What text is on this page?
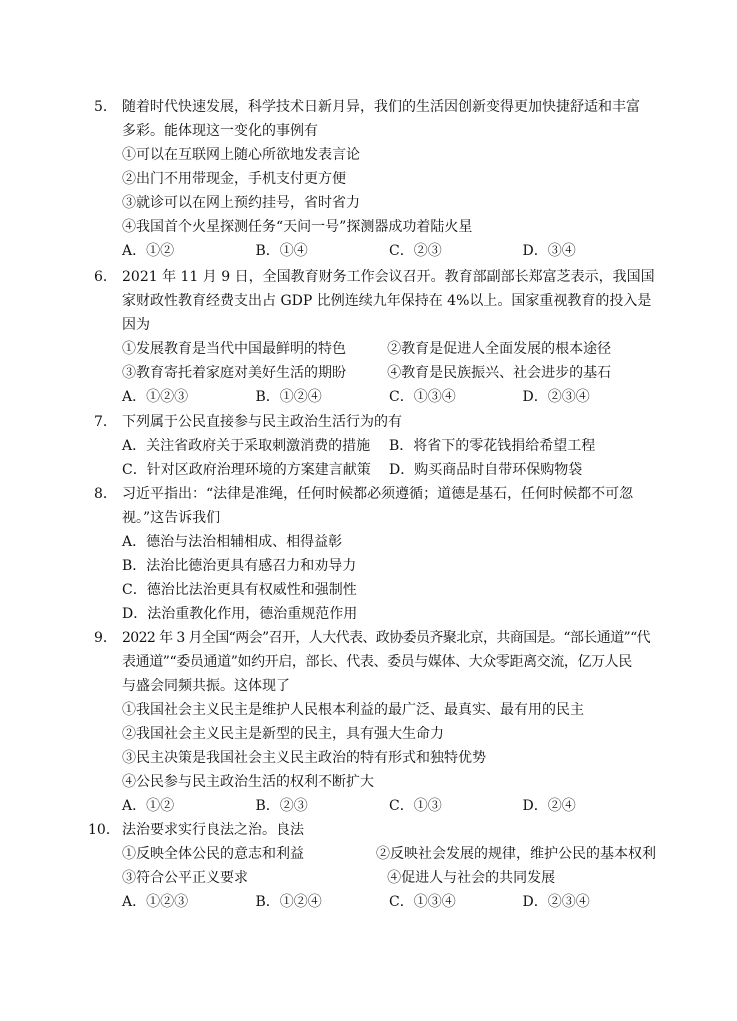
5． 随着时代快速发展，科学技术日新月异，我们的生活因创新变得更加快捷舒适和丰富
多彩。能体现这一变化的事例有
①可以在互联网上随心所欲地发表言论
②出门不用带现金，手机支付更方便
③就诊可以在网上预约挂号，省时省力
④我国首个火星探测任务“天问一号”探测器成功着陆火星
A．①②	B．①④	C．②③	D．③④
6． 2021 年 11 月 9 日，全国教育财务工作会议召开。教育部副部长郑富芝表示，我国国
家财政性教育经费支出占 GDP 比例连续九年保持在 4%以上。国家重视教育的投入是
因为
①发展教育是当代中国最鲜明的特色	②教育是促进人全面发展的根本途径
③教育寄托着家庭对美好生活的期盼	④教育是民族振兴、社会进步的基石
A．①②③	B．①②④	C．①③④	D．②③④
7． 下列属于公民直接参与民主政治生活行为的有
A．关注省政府关于采取刺激消费的措施	B．将省下的零花钱捐给希望工程
C．针对区政府治理环境的方案建言献策	D．购买商品时自带环保购物袋
8． 习近平指出：“法律是准绳，任何时候都必须遵循；道德是基石，任何时候都不可忽
视。”这告诉我们
A．德治与法治相辅相成、相得益彰
B．法治比德治更具有感召力和劝导力
C．德治比法治更具有权威性和强制性
D．法治重教化作用，德治重规范作用
9． 2022 年 3 月全国“两会”召开，人大代表、政协委员齐聚北京，共商国是。“部长通道”“代
表通道”“委员通道”如约开启，部长、代表、委员与媒体、大众零距离交流，亿万人民
与盛会同频共振。这体现了
①我国社会主义民主是维护人民根本利益的最广泛、最真实、最有用的民主
②我国社会主义民主是新型的民主，具有强大生命力
③民主决策是我国社会主义民主政治的特有形式和独特优势
④公民参与民主政治生活的权利不断扩大
A．①②	B．②③	C．①③	D．②④
10． 法治要求实行良法之治。良法
①反映全体公民的意志和利益	②反映社会发展的规律，维护公民的基本权利
③符合公平正义要求	④促进人与社会的共同发展
A．①②③	B．①②④	C．①③④	D．②③④
